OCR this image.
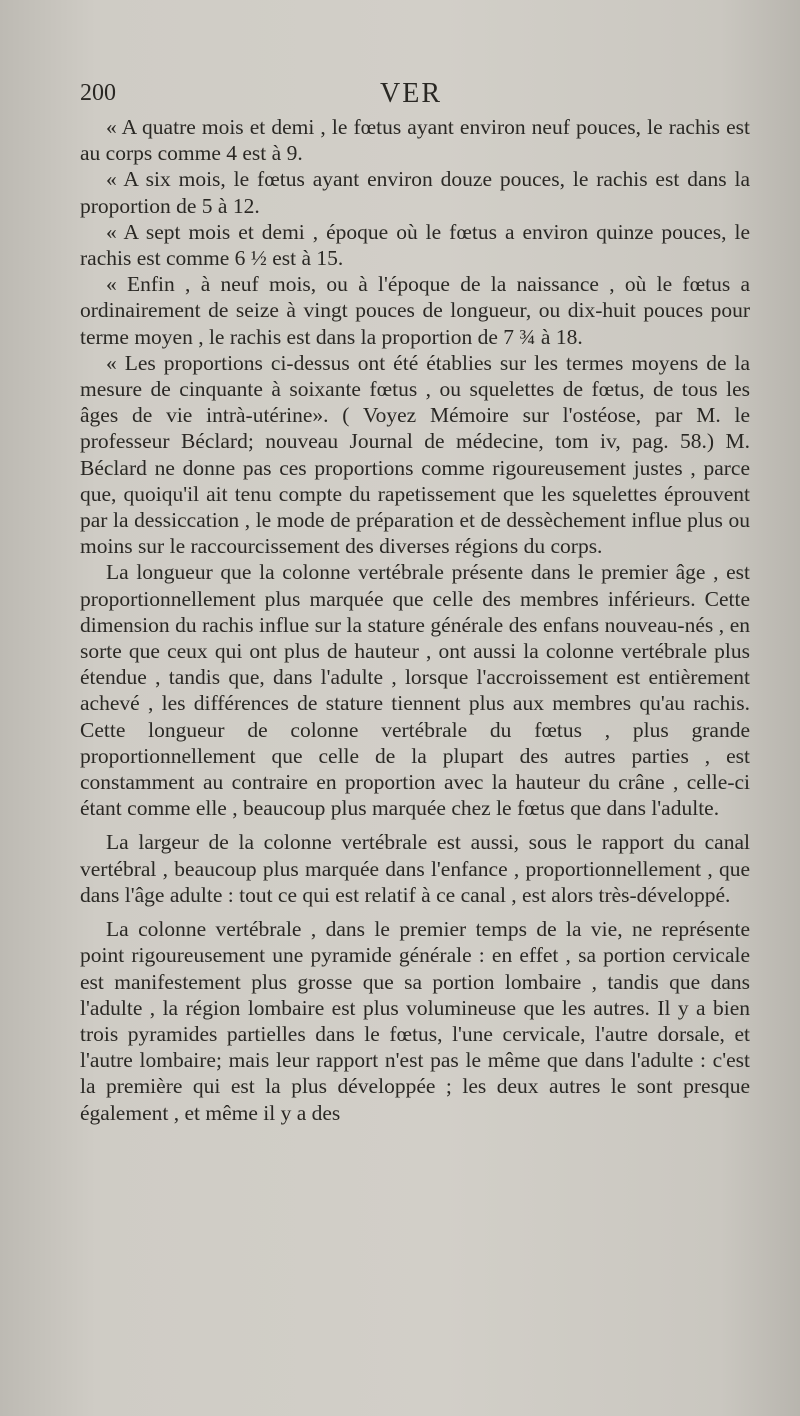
200	VER

« A quatre mois et demi , le fœtus ayant environ neuf pouces, le rachis est au corps comme 4 est à 9.

« A six mois, le fœtus ayant environ douze pouces, le rachis est dans la proportion de 5 à 12.

« A sept mois et demi , époque où le fœtus a environ quinze pouces, le rachis est comme 6 ½ est à 15.

« Enfin , à neuf mois, ou à l'époque de la naissance , où le fœtus a ordinairement de seize à vingt pouces de longueur, ou dix-huit pouces pour terme moyen , le rachis est dans la proportion de 7 ¾ à 18.

« Les proportions ci-dessus ont été établies sur les termes moyens de la mesure de cinquante à soixante fœtus , ou squelettes de fœtus, de tous les âges de vie intrà-utérine». ( Voyez Mémoire sur l'ostéose, par M. le professeur Béclard; nouveau Journal de médecine, tom iv, pag. 58.) M. Béclard ne donne pas ces proportions comme rigoureusement justes , parce que, quoiqu'il ait tenu compte du rapetissement que les squelettes éprouvent par la dessiccation , le mode de préparation et de dessèchement influe plus ou moins sur le raccourcissement des diverses régions du corps.

La longueur que la colonne vertébrale présente dans le premier âge , est proportionnellement plus marquée que celle des membres inférieurs. Cette dimension du rachis influe sur la stature générale des enfans nouveau-nés , en sorte que ceux qui ont plus de hauteur , ont aussi la colonne vertébrale plus étendue , tandis que, dans l'adulte , lorsque l'accroissement est entièrement achevé , les différences de stature tiennent plus aux membres qu'au rachis. Cette longueur de colonne vertébrale du fœtus , plus grande proportionnellement que celle de la plupart des autres parties , est constamment au contraire en proportion avec la hauteur du crâne , celle-ci étant comme elle , beaucoup plus marquée chez le fœtus que dans l'adulte.

La largeur de la colonne vertébrale est aussi, sous le rapport du canal vertébral , beaucoup plus marquée dans l'enfance , proportionnellement , que dans l'âge adulte : tout ce qui est relatif à ce canal , est alors très-développé.

La colonne vertébrale , dans le premier temps de la vie, ne représente point rigoureusement une pyramide générale : en effet , sa portion cervicale est manifestement plus grosse que sa portion lombaire , tandis que dans l'adulte , la région lombaire est plus volumineuse que les autres. Il y a bien trois pyramides partielles dans le fœtus, l'une cervicale, l'autre dorsale, et l'autre lombaire; mais leur rapport n'est pas le même que dans l'adulte : c'est la première qui est la plus développée ; les deux autres le sont presque également , et même il y a des
